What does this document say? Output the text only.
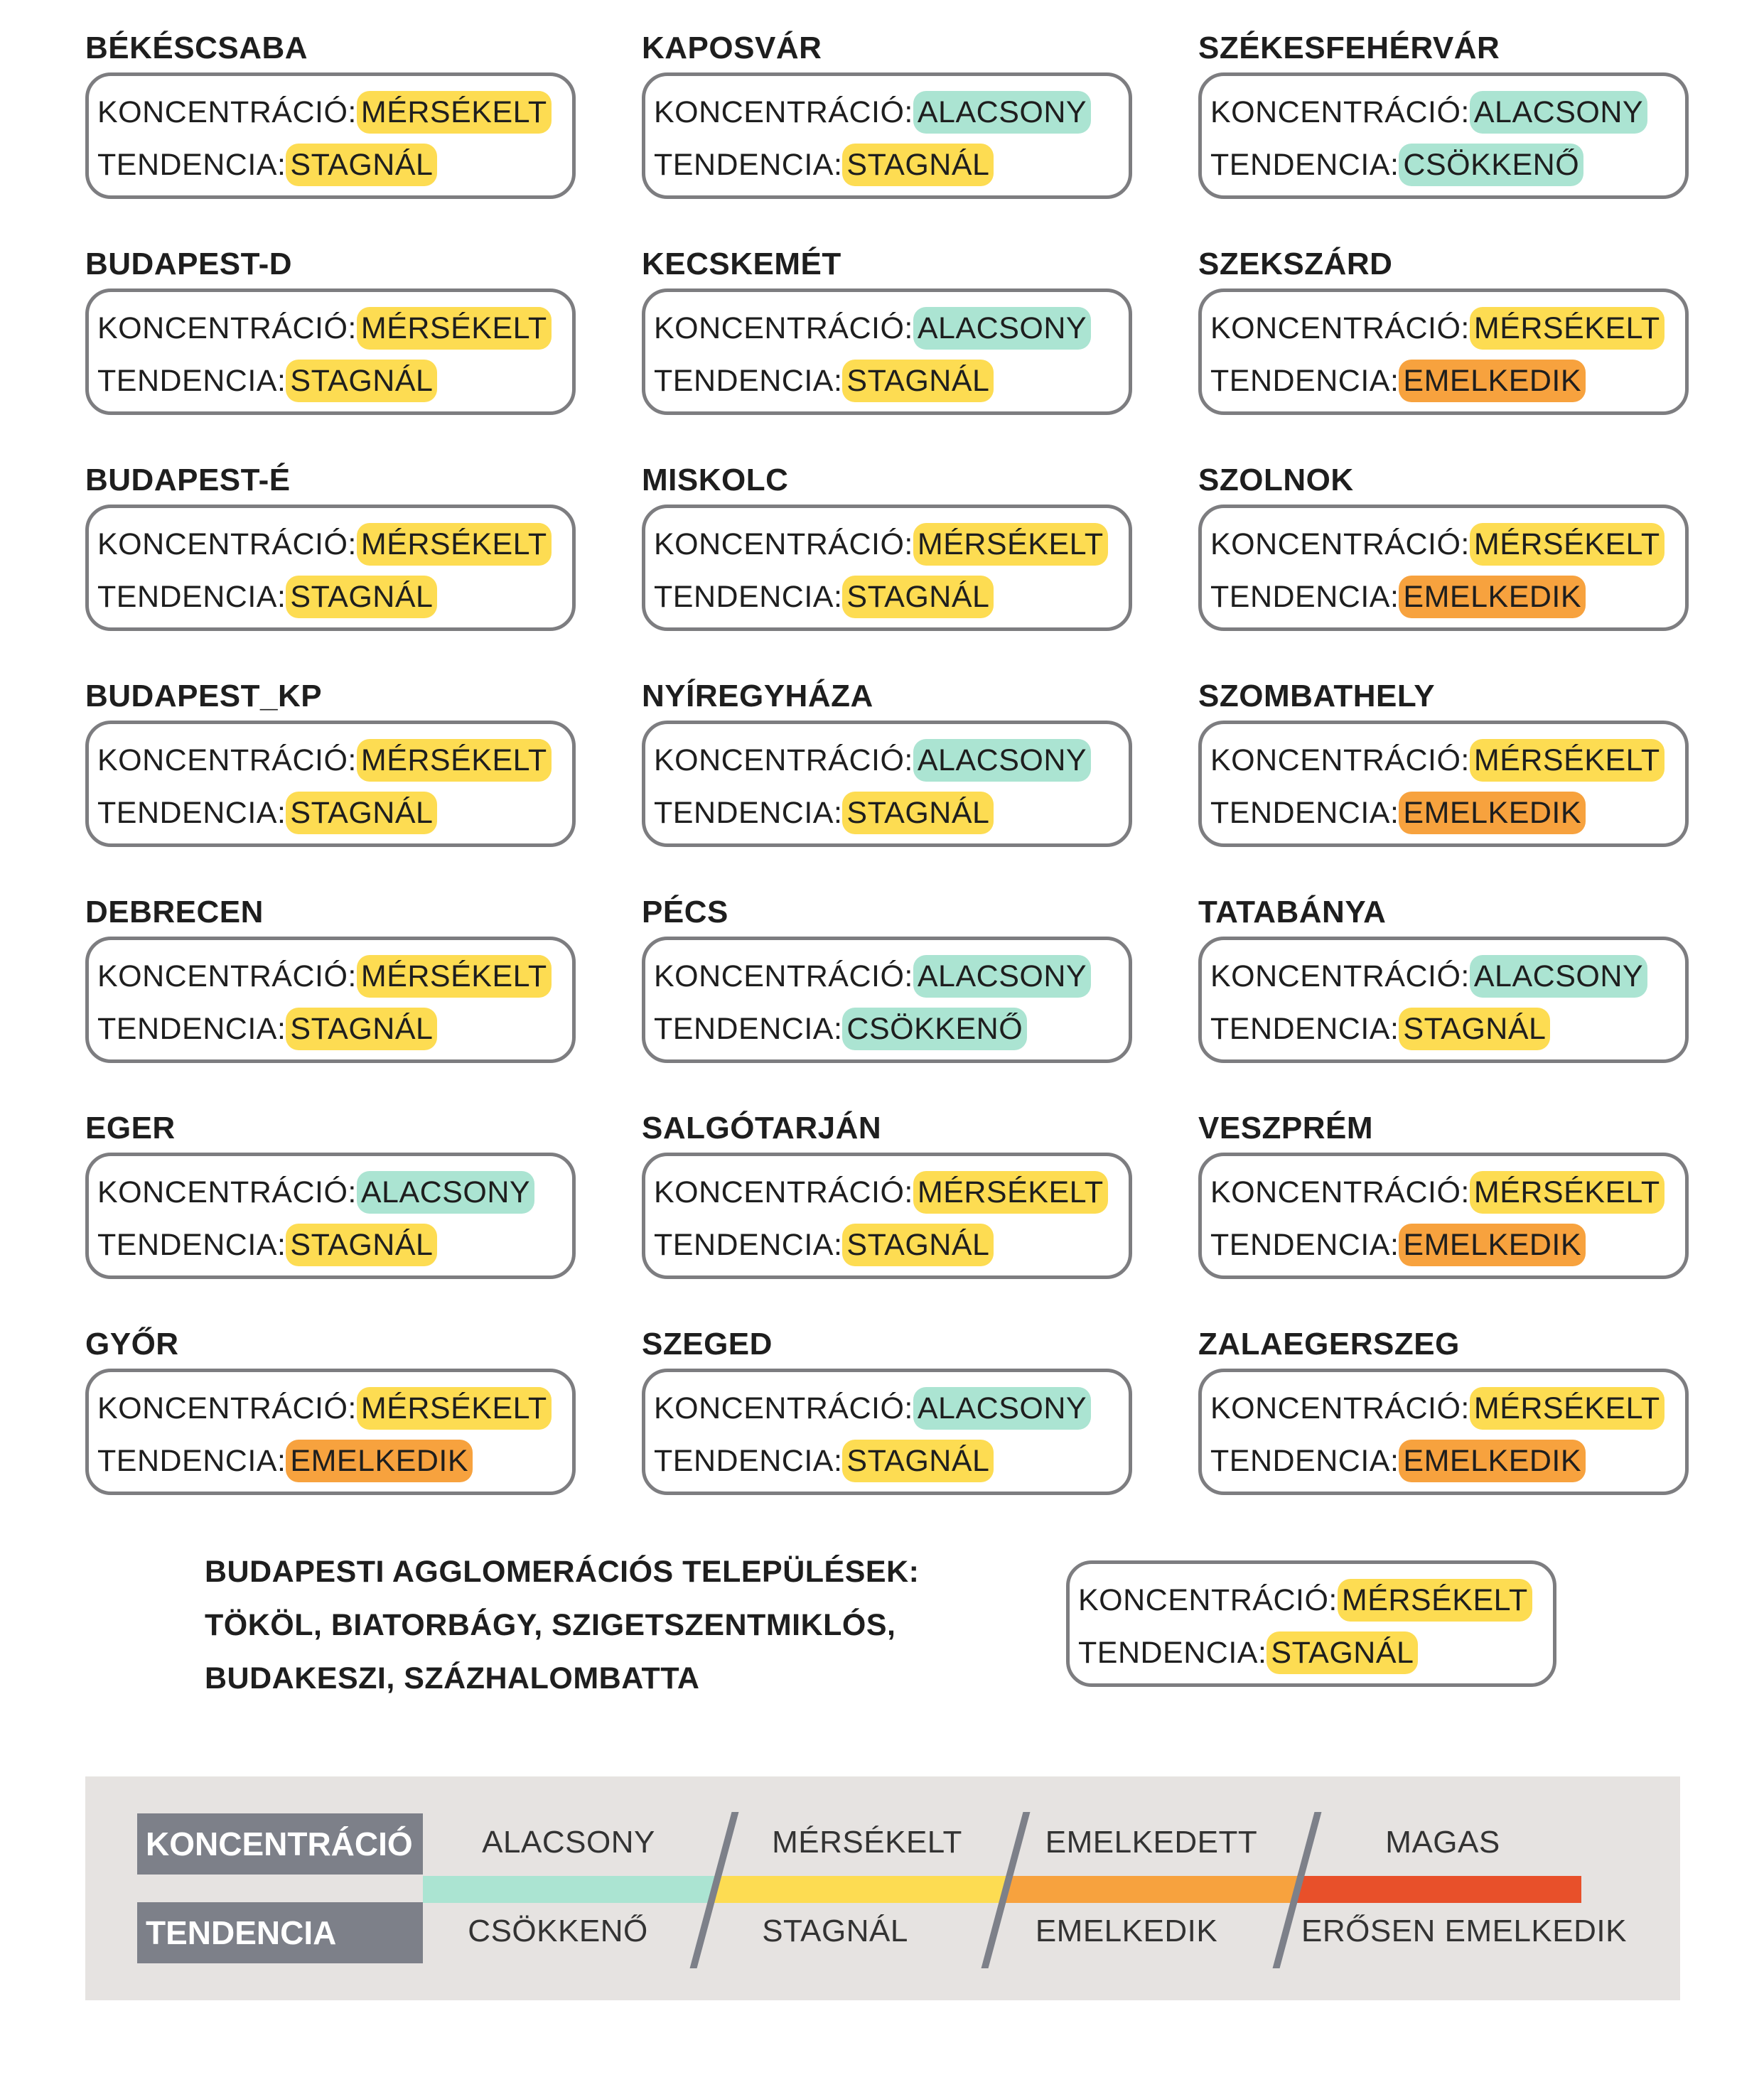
BÉKÉSCSABA
KONCENTRÁCIÓ: MÉRSÉKELT
TENDENCIA: STAGNÁL
KAPOSVÁR
KONCENTRÁCIÓ: ALACSONY
TENDENCIA: STAGNÁL
SZÉKESFEHÉRVÁR
KONCENTRÁCIÓ: ALACSONY
TENDENCIA: CSÖKKENŐ
BUDAPEST-D
KONCENTRÁCIÓ: MÉRSÉKELT
TENDENCIA: STAGNÁL
KECSKEMÉT
KONCENTRÁCIÓ: ALACSONY
TENDENCIA: STAGNÁL
SZEKSZÁRD
KONCENTRÁCIÓ: MÉRSÉKELT
TENDENCIA: EMELKEDIK
BUDAPEST-É
KONCENTRÁCIÓ: MÉRSÉKELT
TENDENCIA: STAGNÁL
MISKOLC
KONCENTRÁCIÓ: MÉRSÉKELT
TENDENCIA: STAGNÁL
SZOLNOK
KONCENTRÁCIÓ: MÉRSÉKELT
TENDENCIA: EMELKEDIK
BUDAPEST_KP
KONCENTRÁCIÓ: MÉRSÉKELT
TENDENCIA: STAGNÁL
NYÍREGYHÁZA
KONCENTRÁCIÓ: ALACSONY
TENDENCIA: STAGNÁL
SZOMBATHELY
KONCENTRÁCIÓ: MÉRSÉKELT
TENDENCIA: EMELKEDIK
DEBRECEN
KONCENTRÁCIÓ: MÉRSÉKELT
TENDENCIA: STAGNÁL
PÉCS
KONCENTRÁCIÓ: ALACSONY
TENDENCIA: CSÖKKENŐ
TATABÁNYA
KONCENTRÁCIÓ: ALACSONY
TENDENCIA: STAGNÁL
EGER
KONCENTRÁCIÓ: ALACSONY
TENDENCIA: STAGNÁL
SALGÓTARJÁN
KONCENTRÁCIÓ: MÉRSÉKELT
TENDENCIA: STAGNÁL
VESZPRÉM
KONCENTRÁCIÓ: MÉRSÉKELT
TENDENCIA: EMELKEDIK
GYŐR
KONCENTRÁCIÓ: MÉRSÉKELT
TENDENCIA: EMELKEDIK
SZEGED
KONCENTRÁCIÓ: ALACSONY
TENDENCIA: STAGNÁL
ZALAEGERSZEG
KONCENTRÁCIÓ: MÉRSÉKELT
TENDENCIA: EMELKEDIK
BUDAPESTI AGGLOMERÁCIÓS TELEPÜLÉSEK:
TÖKÖL, BIATORBÁGY, SZIGETSZENTMIKLÓS,
BUDAKESZI, SZÁZHALOMBATTA
KONCENTRÁCIÓ: MÉRSÉKELT
TENDENCIA: STAGNÁL
KONCENTRÁCIÓ
TENDENCIA
ALACSONY	MÉRSÉKELT	EMELKEDETT	MAGAS
CSÖKKENŐ	STAGNÁL	EMELKEDIK	ERŐSEN EMELKEDIK
